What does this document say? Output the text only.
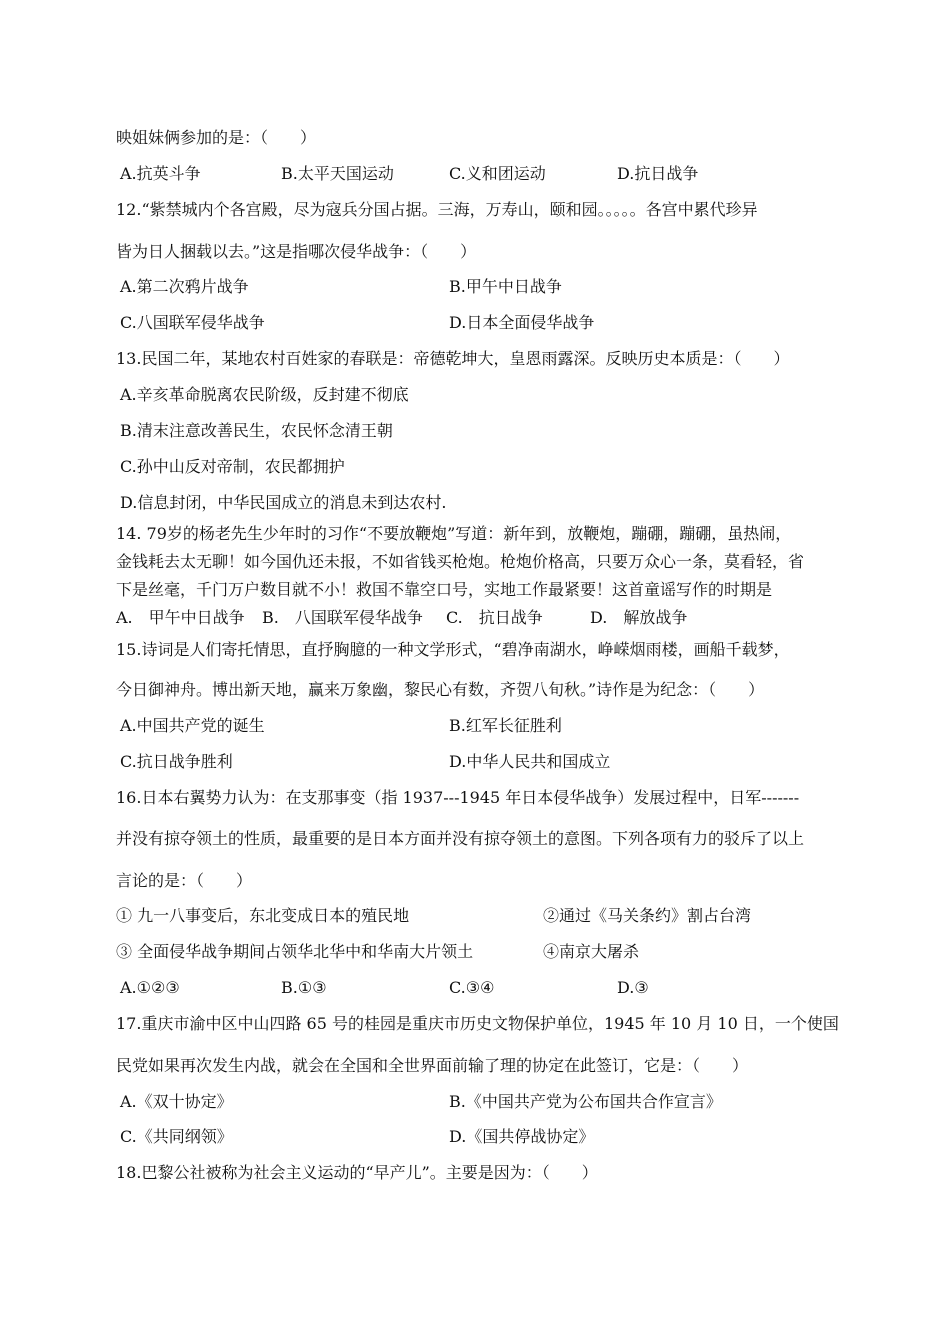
映姐妹俩参加的是：（　　）
A.抗英斗争	B.太平天国运动	C.义和团运动	D.抗日战争
12.“紫禁城内个各宫殿，尽为寇兵分国占据。三海，万寿山，颐和园。。。。。各宫中累代珍异
皆为日人捆载以去。”这是指哪次侵华战争：（　　）
A.第二次鸦片战争	B.甲午中日战争
C.八国联军侵华战争	D.日本全面侵华战争
13.民国二年，某地农村百姓家的春联是：帝德乾坤大，皇恩雨露深。反映历史本质是：（　　）
A.辛亥革命脱离农民阶级，反封建不彻底
B.清末注意改善民生，农民怀念清王朝
C.孙中山反对帝制，农民都拥护
D.信息封闭，中华民国成立的消息未到达农村.
14. 79岁的杨老先生少年时的习作“不要放鞭炮”写道：新年到，放鞭炮，蹦硼，蹦硼，虽热闹，
金钱耗去太无聊！如今国仇还未报，不如省钱买枪炮。枪炮价格高，只要万众心一条，莫看轻，省
下是丝毫，千门万户数目就不小！救国不靠空口号，实地工作最紧要！这首童谣写作的时期是
A.　甲午中日战争 B.　八国联军侵华战争 C.　抗日战争	D.　解放战争
15.诗词是人们寄托情思，直抒胸臆的一种文学形式，“碧净南湖水，峥嵘烟雨楼，画船千载梦，
今日御神舟。博出新天地，赢来万象幽，黎民心有数，齐贺八旬秋。”诗作是为纪念：（　　）
A.中国共产党的诞生	B.红军长征胜利
C.抗日战争胜利	D.中华人民共和国成立
16.日本右翼势力认为：在支那事变（指 1937---1945 年日本侵华战争）发展过程中，日军-------
并没有掠夺领土的性质，最重要的是日本方面并没有掠夺领土的意图。下列各项有力的驳斥了以上
言论的是：（　　）
① 九一八事变后，东北变成日本的殖民地	②通过《马关条约》割占台湾
③ 全面侵华战争期间占领华北华中和华南大片领土	④南京大屠杀
A.①②③	B.①③	C.③④	D.③
17.重庆市渝中区中山四路 65 号的桂园是重庆市历史文物保护单位，1945 年 10 月 10 日，一个使国
民党如果再次发生内战，就会在全国和全世界面前输了理的协定在此签订，它是：（　　）
A.《双十协定》	B.《中国共产党为公布国共合作宣言》
C.《共同纲领》	D.《国共停战协定》
18.巴黎公社被称为社会主义运动的“早产儿”。主要是因为：（　　）
